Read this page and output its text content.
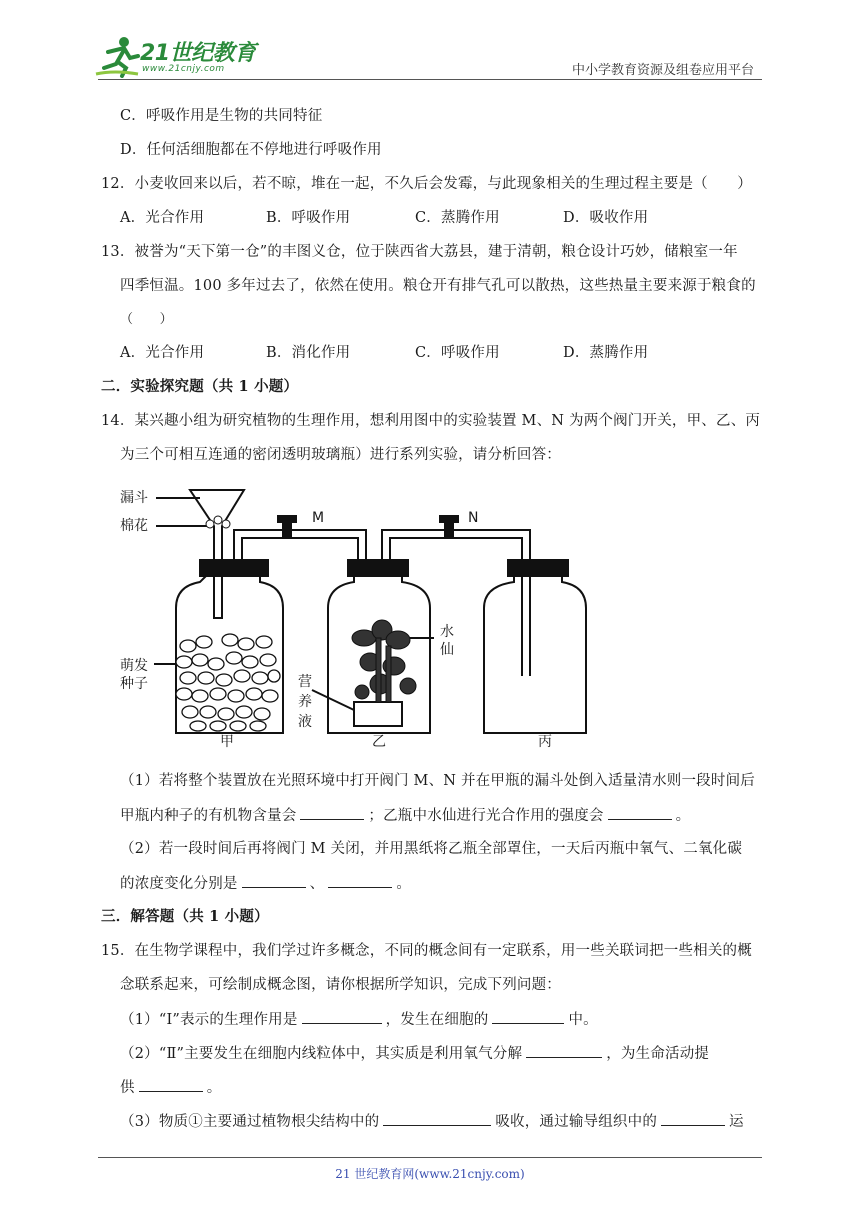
21世纪教育
www.21cnjy.com	中小学教育资源及组卷应用平台
C．呼吸作用是生物的共同特征
D．任何活细胞都在不停地进行呼吸作用
12．小麦收回来以后，若不晾，堆在一起，不久后会发霉，与此现象相关的生理过程主要是（　　）
A．光合作用	B．呼吸作用	C．蒸腾作用	D．吸收作用
13．被誉为“天下第一仓”的丰图义仓，位于陕西省大荔县，建于清朝，粮仓设计巧妙，储粮室一年
四季恒温。100 多年过去了，依然在使用。粮仓开有排气孔可以散热，这些热量主要来源于粮食的
（　　）
A．光合作用	B．消化作用	C．呼吸作用	D．蒸腾作用
二．实验探究题（共 1 小题）
14．某兴趣小组为研究植物的生理作用，想利用图中的实验装置 M、N 为两个阀门开关，甲、乙、丙
为三个可相互连通的密闭透明玻璃瓶）进行系列实验，请分析回答：
漏斗
棉花	M	N
萌发
种子	营
养
液
水
仙
甲	乙	丙
（1）若将整个装置放在光照环境中打开阀门 M、N 并在甲瓶的漏斗处倒入适量清水则一段时间后
甲瓶内种子的有机物含量会	；乙瓶中水仙进行光合作用的强度会	。
（2）若一段时间后再将阀门 M 关闭，并用黑纸将乙瓶全部罩住，一天后丙瓶中氧气、二氧化碳
的浓度变化分别是	、	。
三．解答题（共 1 小题）
15．在生物学课程中，我们学过许多概念，不同的概念间有一定联系，用一些关联词把一些相关的概
念联系起来，可绘制成概念图，请你根据所学知识，完成下列问题：
（1）“Ⅰ”表示的生理作用是	，发生在细胞的	中。
（2）“Ⅱ”主要发生在细胞内线粒体中，其实质是利用氧气分解	，为生命活动提
供	。
（3）物质①主要通过植物根尖结构中的	吸收，通过输导组织中的	运
21 世纪教育网(www.21cnjy.com)
